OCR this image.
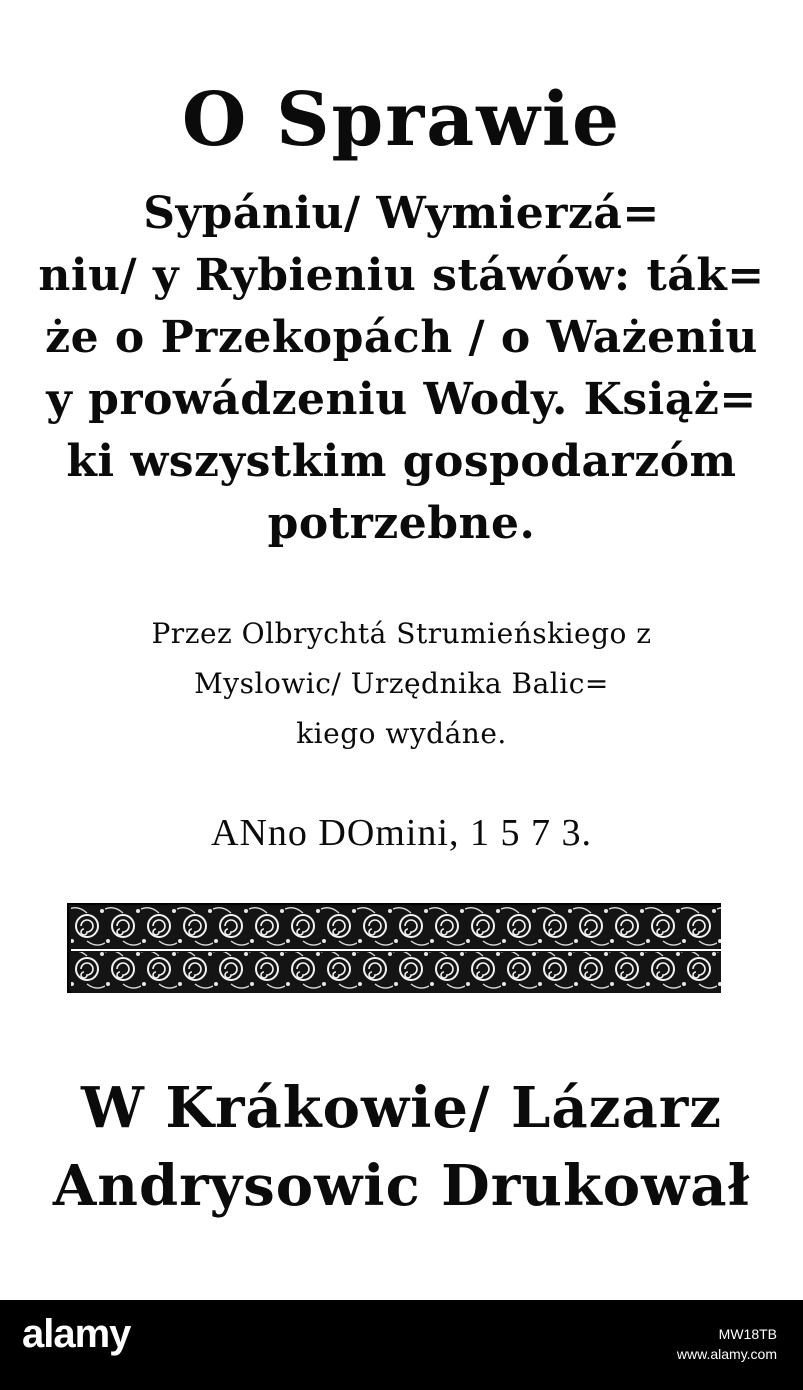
O Sprawie
Sypániu/ Wymierzá=
niu/ y Rybieniu stáwów: ták=
że o Przekopách / o Ważeniu
y prowádzeniu Wody. Książ=
ki wszystkim gospodarzóm
potrzebne.
Przez Olbrychtá Strumieńskiego z
Myslowic/ Urzędnika Balic=
kiego wydáne.
ANno DOmini, 1 5 7 3.
W Krákowie/ Lázarz
Andrysowic Drukował
alamy	MW18TB
www.alamy.com
